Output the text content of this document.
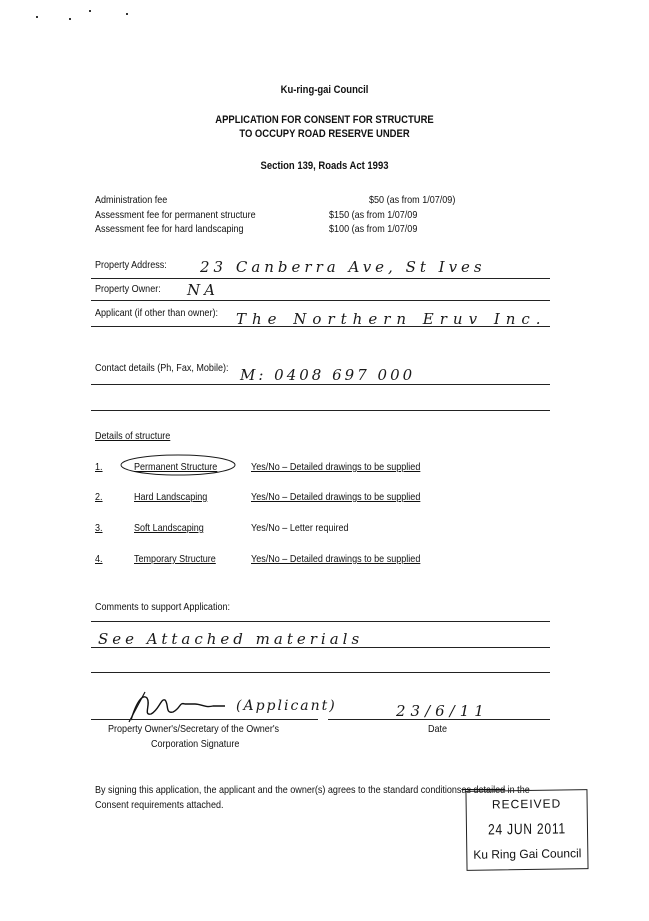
Ku-ring-gai Council
APPLICATION FOR CONSENT FOR STRUCTURE
TO OCCUPY ROAD RESERVE UNDER
Section 139, Roads Act 1993
Administration fee	$50 (as from 1/07/09)
Assessment fee for permanent structure	$150 (as from 1/07/09
Assessment fee for hard landscaping	$100 (as from 1/07/09
Property Address: 23 Canberra Ave, St Ives
Property Owner: NA
Applicant (if other than owner): The Northern Eruv Inc.
Contact details (Ph, Fax, Mobile): M: 0408 697 000
Details of structure
1.	Permanent Structure	Yes/No – Detailed drawings to be supplied
2.	Hard Landscaping	Yes/No – Detailed drawings to be supplied
3.	Soft Landscaping	Yes/No – Letter required
4.	Temporary Structure	Yes/No – Detailed drawings to be supplied
Comments to support Application:
See Attached materials
(Applicant)	23/6/11
Property Owner's/Secretary of the Owner's
Corporation Signature
Date
By signing this application, the applicant and the owner(s) agrees to the standard conditionsas detailed in the
Consent requirements attached.	RECEIVED
24 JUN 2011
Ku Ring Gai Council
